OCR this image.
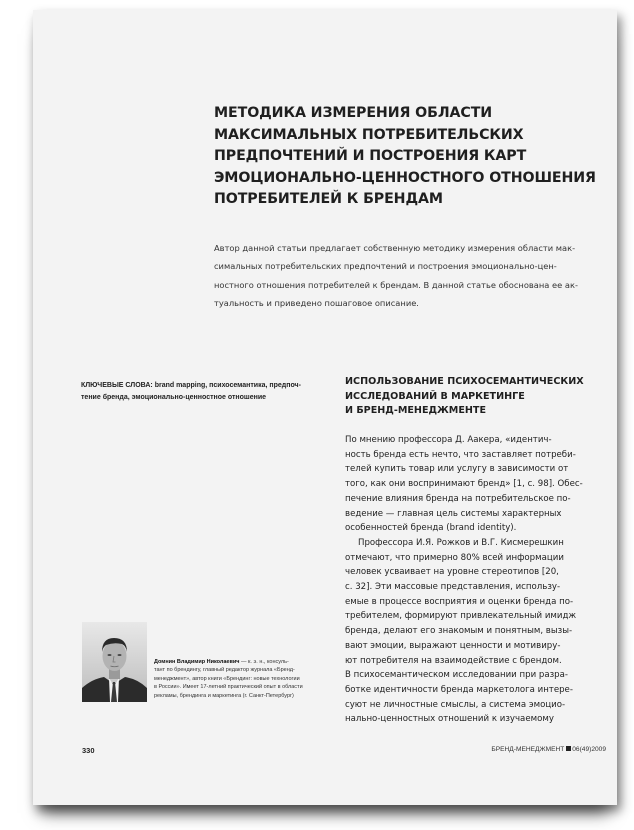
МЕТОДИКА ИЗМЕРЕНИЯ ОБЛАСТИ
МАКСИМАЛЬНЫХ ПОТРЕБИТЕЛЬСКИХ
ПРЕДПОЧТЕНИЙ И ПОСТРОЕНИЯ КАРТ
ЭМОЦИОНАЛЬНО-ЦЕННОСТНОГО ОТНОШЕНИЯ
ПОТРЕБИТЕЛЕЙ К БРЕНДАМ
Автор данной статьи предлагает собственную методику измерения области мак-
симальных потребительских предпочтений и построения эмоционально-цен-
ностного отношения потребителей к брендам. В данной статье обоснована ее ак-
туальность и приведено пошаговое описание.
КЛЮЧЕВЫЕ СЛОВА: brand mapping, психосемантика, предпоч-
тение бренда, эмоционально-ценностное отношение
ИСПОЛЬЗОВАНИЕ ПСИХОСЕМАНТИЧЕСКИХ
ИССЛЕДОВАНИЙ В МАРКЕТИНГЕ
И БРЕНД-МЕНЕДЖМЕНТЕ
По мнению профессора Д. Аакера, «идентич-
ность бренда есть нечто, что заставляет потреби-
телей купить товар или услугу в зависимости от
того, как они воспринимают бренд» [1, с. 98]. Обес-
печение влияния бренда на потребительское по-
ведение — главная цель системы характерных
особенностей бренда (brand identity).
Профессора И.Я. Рожков и В.Г. Кисмерешкин
отмечают, что примерно 80% всей информации
человек усваивает на уровне стереотипов [20,
с. 32]. Эти массовые представления, использу-
емые в процессе восприятия и оценки бренда по-
требителем, формируют привлекательный имидж
бренда, делают его знакомым и понятным, вызы-
вают эмоции, выражают ценности и мотивиру-
ют потребителя на взаимодействие с брендом.
В психосемантическом исследовании при разра-
ботке идентичности бренда маркетолога интере-
суют не личностные смыслы, а система эмоцио-
нально-ценностных отношений к изучаемому
Домнин Владимир Николаевич — к. э. н., консуль-
тант по брендингу, главный редактор журнала «Бренд-
менеджмент», автор книги «Брендинг: новые технологии
в России». Имеет 17-летний практический опыт в области
рекламы, брендинга и маркетинга (г. Санкт-Петербург)
330	БРЕНД-МЕНЕДЖМЕНТ 06(49)2009
